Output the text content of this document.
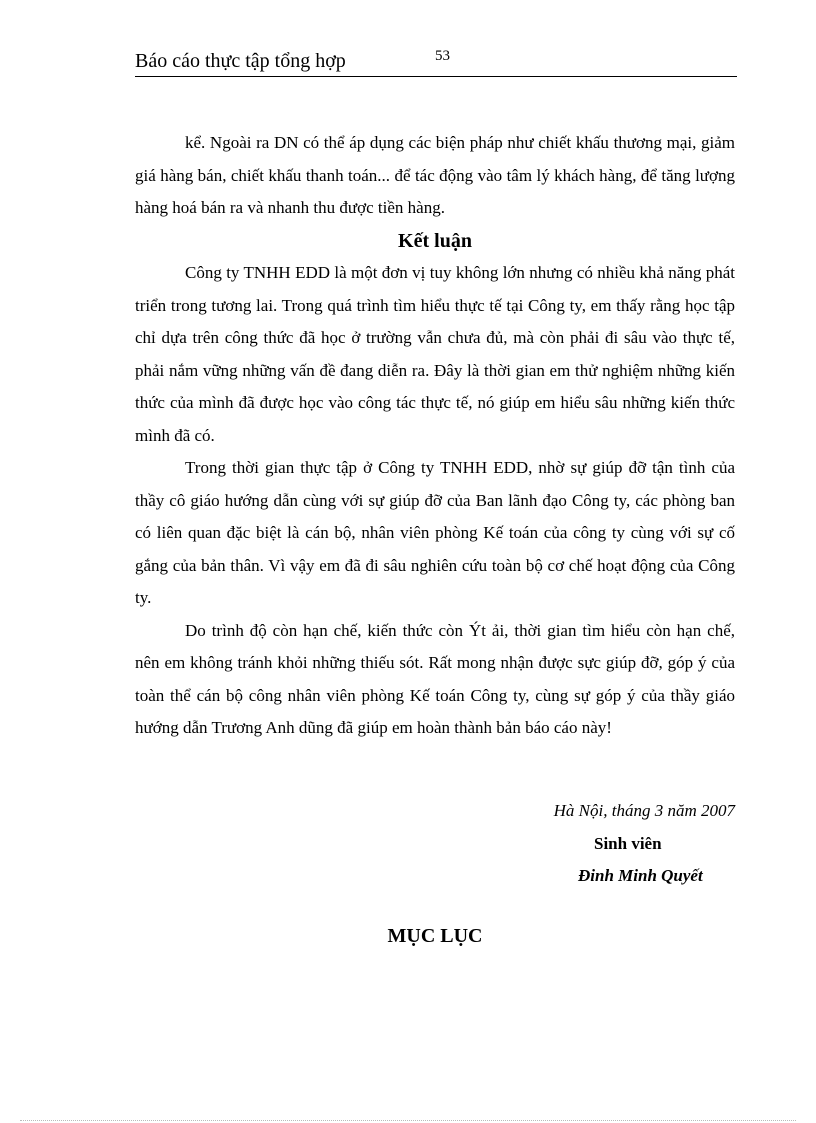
Báo cáo thực tập tổng hợp	53

kể. Ngoài ra DN có thể áp dụng các biện pháp như chiết khấu thương mại, giảm giá hàng bán, chiết khấu thanh toán... để tác động vào tâm lý khách hàng, để tăng lượng hàng hoá bán ra và nhanh thu được tiền hàng.

Kết luận

Công ty TNHH EDD là một đơn vị tuy không lớn nhưng có nhiều khả năng phát triển trong tương lai. Trong quá trình tìm hiểu thực tế tại Công ty, em thấy rằng học tập chỉ dựa trên công thức đã học ở trường vẫn chưa đủ, mà còn phải đi sâu vào thực tế, phải nắm vững những vấn đề đang diễn ra. Đây là thời gian em thử nghiệm những kiến thức của mình đã được học vào công tác thực tế, nó giúp em hiểu sâu những kiến thức mình đã có.

Trong thời gian thực tập ở Công ty TNHH EDD, nhờ sự giúp đỡ tận tình của thầy cô giáo hướng dẫn cùng với sự giúp đỡ của Ban lãnh đạo Công ty, các phòng ban có liên quan đặc biệt là cán bộ, nhân viên phòng Kế toán của công ty cùng với sự cố gắng của bản thân. Vì vậy em đã đi sâu nghiên cứu toàn bộ cơ chế hoạt động của Công ty.

Do trình độ còn hạn chế, kiến thức còn Ýt ải, thời gian tìm hiểu còn hạn chế, nên em không tránh khỏi những thiếu sót. Rất mong nhận được sực giúp đỡ, góp ý của toàn thể cán bộ công nhân viên phòng Kế toán Công ty, cùng sự góp ý của thầy giáo hướng dẫn Trương Anh dũng đã giúp em hoàn thành bản báo cáo này!

Hà Nội, tháng 3 năm 2007
Sinh viên
Đinh Minh Quyết
MỤC LỤC
